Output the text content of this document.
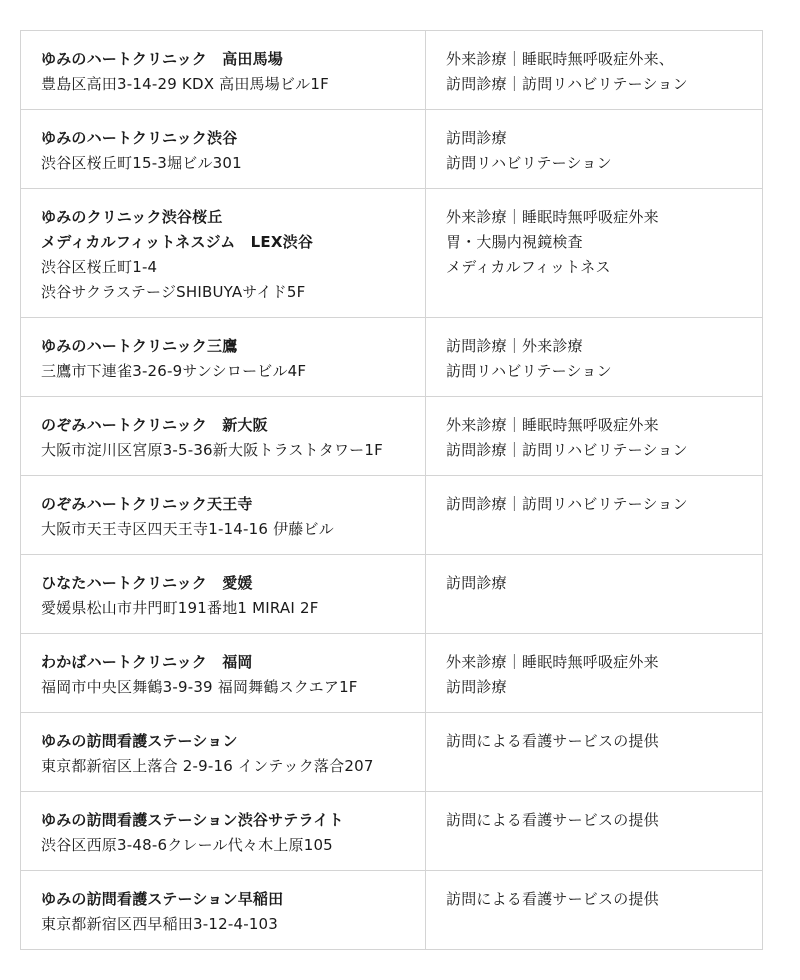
ゆみのハートクリニック　高田馬場
豊島区高田3-14-29 KDX 高田馬場ビル1F	外来診療｜睡眠時無呼吸症外来、
訪問診療｜訪問リハビリテーション

ゆみのハートクリニック渋谷
渋谷区桜丘町15-3堀ビル301	訪問診療
訪問リハビリテーション

ゆみのクリニック渋谷桜丘
メディカルフィットネスジム　LEX渋谷
渋谷区桜丘町1-4
渋谷サクラステージSHIBUYAサイド5F	外来診療｜睡眠時無呼吸症外来
胃・大腸内視鏡検査
メディカルフィットネス

ゆみのハートクリニック三鷹
三鷹市下連雀3-26-9サンシロービル4F	訪問診療｜外来診療
訪問リハビリテーション

のぞみハートクリニック　新大阪
大阪市淀川区宮原3-5-36新大阪トラストタワー1F	外来診療｜睡眠時無呼吸症外来
訪問診療｜訪問リハビリテーション

のぞみハートクリニック天王寺
大阪市天王寺区四天王寺1-14-16 伊藤ビル	訪問診療｜訪問リハビリテーション

ひなたハートクリニック　愛媛
愛媛県松山市井門町191番地1 MIRAI 2F	訪問診療

わかばハートクリニック　福岡
福岡市中央区舞鶴3-9-39 福岡舞鶴スクエア1F	外来診療｜睡眠時無呼吸症外来
訪問診療

ゆみの訪問看護ステーション
東京都新宿区上落合 2-9-16 インテック落合207	訪問による看護サービスの提供

ゆみの訪問看護ステーション渋谷サテライト
渋谷区西原3-48-6クレール代々木上原105	訪問による看護サービスの提供

ゆみの訪問看護ステーション早稲田
東京都新宿区西早稲田3-12-4-103	訪問による看護サービスの提供
